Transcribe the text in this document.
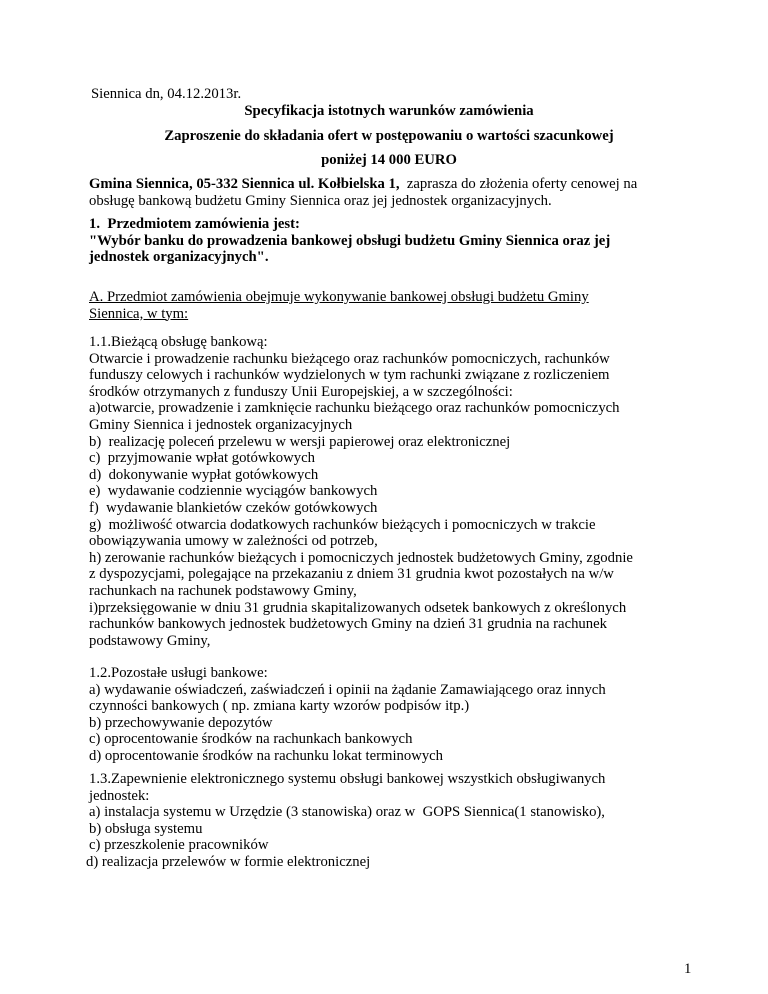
Siennica dn, 04.12.2013r.
Specyfikacja istotnych warunków zamówienia
Zaproszenie do składania ofert w postępowaniu o wartości szacunkowej
poniżej 14 000 EURO
Gmina Siennica, 05-332 Siennica ul. Kołbielska 1,  zaprasza do złożenia oferty cenowej na
obsługę bankową budżetu Gminy Siennica oraz jej jednostek organizacyjnych.
1.  Przedmiotem zamówienia jest:
"Wybór banku do prowadzenia bankowej obsługi budżetu Gminy Siennica oraz jej
jednostek organizacyjnych".
A. Przedmiot zamówienia obejmuje wykonywanie bankowej obsługi budżetu Gminy
Siennica, w tym:
1.1.Bieżącą obsługę bankową:
Otwarcie i prowadzenie rachunku bieżącego oraz rachunków pomocniczych, rachunków
funduszy celowych i rachunków wydzielonych w tym rachunki związane z rozliczeniem
środków otrzymanych z funduszy Unii Europejskiej, a w szczególności:
a)otwarcie, prowadzenie i zamknięcie rachunku bieżącego oraz rachunków pomocniczych
Gminy Siennica i jednostek organizacyjnych
b)  realizację poleceń przelewu w wersji papierowej oraz elektronicznej
c)  przyjmowanie wpłat gotówkowych
d)  dokonywanie wypłat gotówkowych
e)  wydawanie codziennie wyciągów bankowych
f)  wydawanie blankietów czeków gotówkowych
g)  możliwość otwarcia dodatkowych rachunków bieżących i pomocniczych w trakcie
obowiązywania umowy w zależności od potrzeb,
h) zerowanie rachunków bieżących i pomocniczych jednostek budżetowych Gminy, zgodnie
z dyspozycjami, polegające na przekazaniu z dniem 31 grudnia kwot pozostałych na w/w
rachunkach na rachunek podstawowy Gminy,
i)przeksięgowanie w dniu 31 grudnia skapitalizowanych odsetek bankowych z określonych
rachunków bankowych jednostek budżetowych Gminy na dzień 31 grudnia na rachunek
podstawowy Gminy,
1.2.Pozostałe usługi bankowe:
a) wydawanie oświadczeń, zaświadczeń i opinii na żądanie Zamawiającego oraz innych
czynności bankowych ( np. zmiana karty wzorów podpisów itp.)
b) przechowywanie depozytów
c) oprocentowanie środków na rachunkach bankowych
d) oprocentowanie środków na rachunku lokat terminowych
1.3.Zapewnienie elektronicznego systemu obsługi bankowej wszystkich obsługiwanych
jednostek:
a) instalacja systemu w Urzędzie (3 stanowiska) oraz w  GOPS Siennica(1 stanowisko),
b) obsługa systemu
c) przeszkolenie pracowników
d) realizacja przelewów w formie elektronicznej
1
